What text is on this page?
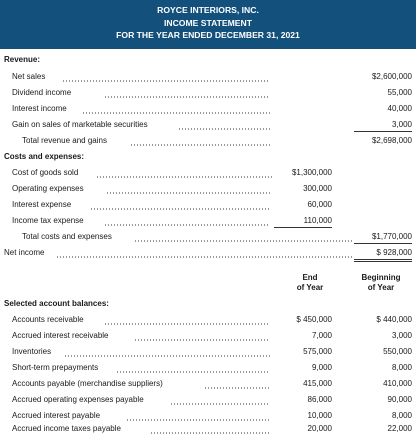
ROYCE INTERIORS, INC.
INCOME STATEMENT
FOR THE YEAR ENDED DECEMBER 31, 2021
Revenue:
Net sales	$2,600,000
Dividend income	55,000
Interest income	40,000
Gain on sales of marketable securities	3,000
Total revenue and gains	$2,698,000
Costs and expenses:
Cost of goods sold	$1,300,000
Operating expenses	300,000
Interest expense	60,000
Income tax expense	110,000
Total costs and expenses	$1,770,000
Net income	$ 928,000
End
of Year
Beginning
of Year
Selected account balances:
Accounts receivable	$ 450,000	$ 440,000
Accrued interest receivable	7,000	3,000
Inventories	575,000	550,000
Short-term prepayments	9,000	8,000
Accounts payable (merchandise suppliers)	415,000	410,000
Accrued operating expenses payable	86,000	90,000
Accrued interest payable	10,000	8,000
Accrued income taxes payable	20,000	22,000
